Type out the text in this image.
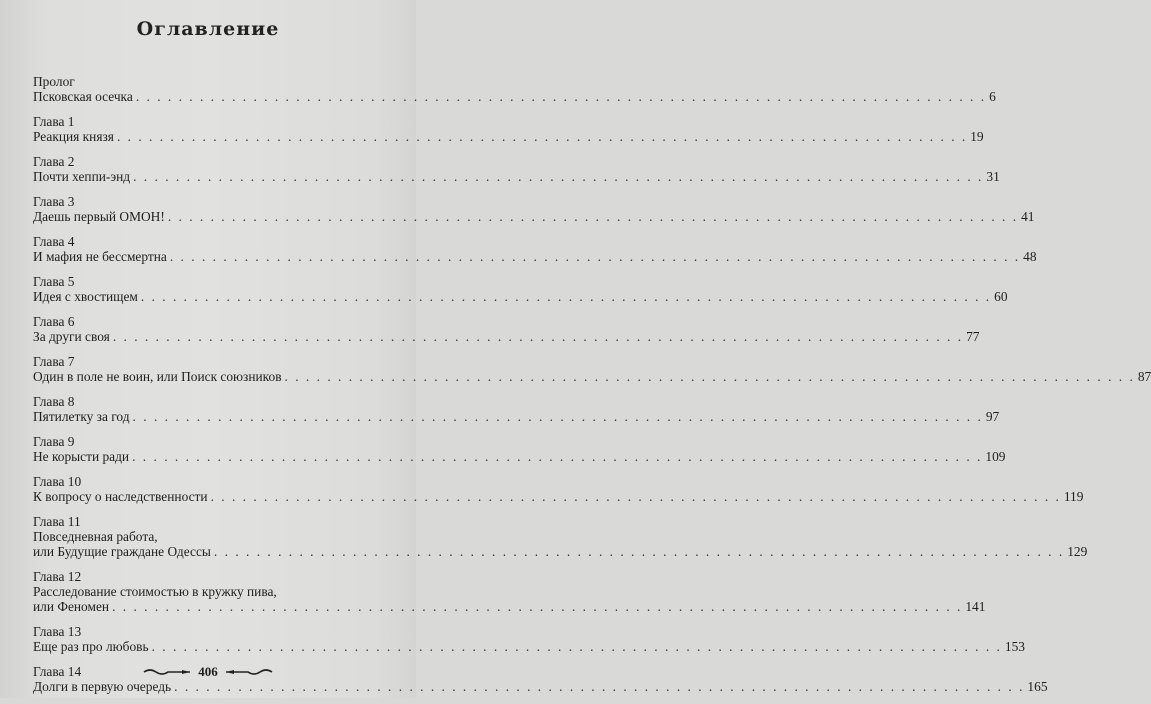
Оглавление
Пролог
Псковская осечка . . . . . . . . . . . . . . . . . . . . . . . . . . . . . . . . . . . . . . . . . . . . . . . . . . . . . . . . . . . . . . . . . . . . . . . . . . . . . . . . 6
Глава 1
Реакция князя . . . . . . . . . . . . . . . . . . . . . . . . . . . . . . . . . . . . . . . . . . . . . . . . . . . . . . . . . . . . . . . . . . . . . . . . . . . . . . . . 19
Глава 2
Почти хеппи-энд . . . . . . . . . . . . . . . . . . . . . . . . . . . . . . . . . . . . . . . . . . . . . . . . . . . . . . . . . . . . . . . . . . . . . . . . . . . . . . . . 31
Глава 3
Даешь первый ОМОН! . . . . . . . . . . . . . . . . . . . . . . . . . . . . . . . . . . . . . . . . . . . . . . . . . . . . . . . . . . . . . . . . . . . . . . . . . . . . . . . . 41
Глава 4
И мафия не бессмертна . . . . . . . . . . . . . . . . . . . . . . . . . . . . . . . . . . . . . . . . . . . . . . . . . . . . . . . . . . . . . . . . . . . . . . . . . . . . . . . . 48
Глава 5
Идея с хвостищем . . . . . . . . . . . . . . . . . . . . . . . . . . . . . . . . . . . . . . . . . . . . . . . . . . . . . . . . . . . . . . . . . . . . . . . . . . . . . . . . 60
Глава 6
За други своя . . . . . . . . . . . . . . . . . . . . . . . . . . . . . . . . . . . . . . . . . . . . . . . . . . . . . . . . . . . . . . . . . . . . . . . . . . . . . . . . 77
Глава 7
Один в поле не воин, или Поиск союзников . . . . . . . . . . . . . . . . . . . . . . . . . . . . . . . . . . . . . . . . . . . . . . . . . . . . . . . . . . . . . . . . . . . . . . . . . . . . . . . . 87
Глава 8
Пятилетку за год . . . . . . . . . . . . . . . . . . . . . . . . . . . . . . . . . . . . . . . . . . . . . . . . . . . . . . . . . . . . . . . . . . . . . . . . . . . . . . . . 97
Глава 9
Не корысти ради . . . . . . . . . . . . . . . . . . . . . . . . . . . . . . . . . . . . . . . . . . . . . . . . . . . . . . . . . . . . . . . . . . . . . . . . . . . . . . . . 109
Глава 10
К вопросу о наследственности . . . . . . . . . . . . . . . . . . . . . . . . . . . . . . . . . . . . . . . . . . . . . . . . . . . . . . . . . . . . . . . . . . . . . . . . . . . . . . . . 119
Глава 11
Повседневная работа,
или Будущие граждане Одессы . . . . . . . . . . . . . . . . . . . . . . . . . . . . . . . . . . . . . . . . . . . . . . . . . . . . . . . . . . . . . . . . . . . . . . . . . . . . . . . . 129
Глава 12
Расследование стоимостью в кружку пива,
или Феномен . . . . . . . . . . . . . . . . . . . . . . . . . . . . . . . . . . . . . . . . . . . . . . . . . . . . . . . . . . . . . . . . . . . . . . . . . . . . . . . . 141
Глава 13
Еще раз про любовь . . . . . . . . . . . . . . . . . . . . . . . . . . . . . . . . . . . . . . . . . . . . . . . . . . . . . . . . . . . . . . . . . . . . . . . . . . . . . . . . 153
Глава 14
Долги в первую очередь . . . . . . . . . . . . . . . . . . . . . . . . . . . . . . . . . . . . . . . . . . . . . . . . . . . . . . . . . . . . . . . . . . . . . . . . . . . . . . . . 165
406
